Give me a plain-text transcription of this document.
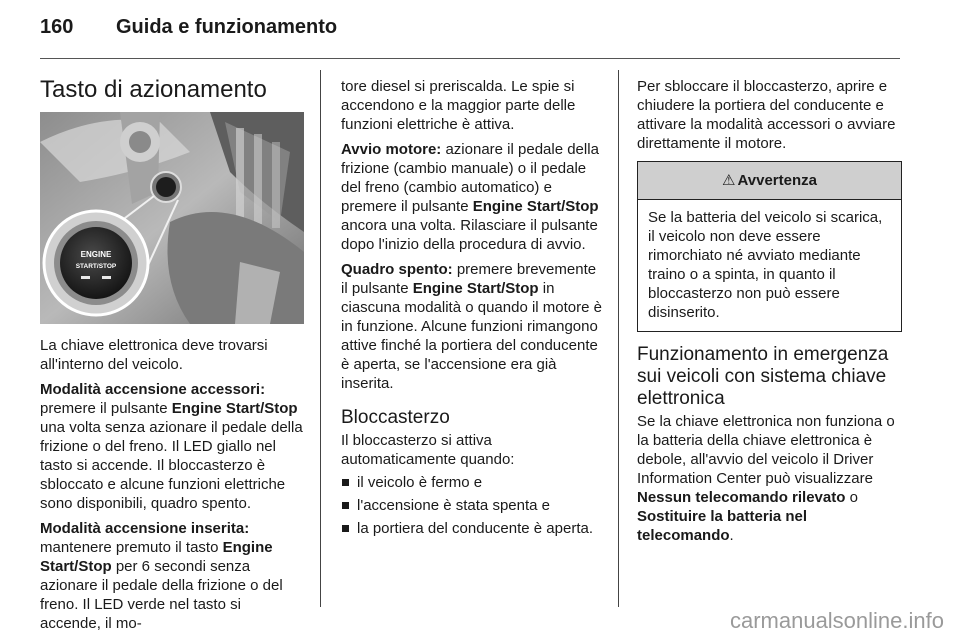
160 Guida e funzionamento
Tasto di azionamento
ENGINE
START/STOP

La chiave elettronica deve trovarsi all'interno del veicolo.

Modalità accensione accessori: premere il pulsante Engine Start/Stop una volta senza azionare il pedale della frizione o del freno. Il LED giallo nel tasto si accende. Il bloccasterzo è sbloccato e alcune funzioni elettriche sono disponibili, quadro spento.

Modalità accensione inserita: mantenere premuto il tasto Engine Start/Stop per 6 secondi senza azionare il pedale della frizione o del freno. Il LED verde nel tasto si accende, il mo-

tore diesel si preriscalda. Le spie si accendono e la maggior parte delle funzioni elettriche è attiva.

Avvio motore: azionare il pedale della frizione (cambio manuale) o il pedale del freno (cambio automatico) e premere il pulsante Engine Start/Stop ancora una volta. Rilasciare il pulsante dopo l'inizio della procedura di avvio.

Quadro spento: premere brevemente il pulsante Engine Start/Stop in ciascuna modalità o quando il motore è in funzione. Alcune funzioni rimangono attive finché la portiera del conducente è aperta, se l'accensione era già inserita.

Bloccasterzo

Il bloccasterzo si attiva automaticamente quando:

il veicolo è fermo e
l'accensione è stata spenta e
la portiera del conducente è aperta.

Per sbloccare il bloccasterzo, aprire e chiudere la portiera del conducente e attivare la modalità accessori o avviare direttamente il motore.

⚠ Avvertenza
Se la batteria del veicolo si scarica, il veicolo non deve essere rimorchiato né avviato mediante traino o a spinta, in quanto il bloccasterzo non può essere disinserito.
Funzionamento in emergenza sui veicoli con sistema chiave elettronica

Se la chiave elettronica non funziona o la batteria della chiave elettronica è debole, all'avvio del veicolo il Driver Information Center può visualizzare Nessun telecomando rilevato o Sostituire la batteria nel telecomando.

carmanualsonline.info
